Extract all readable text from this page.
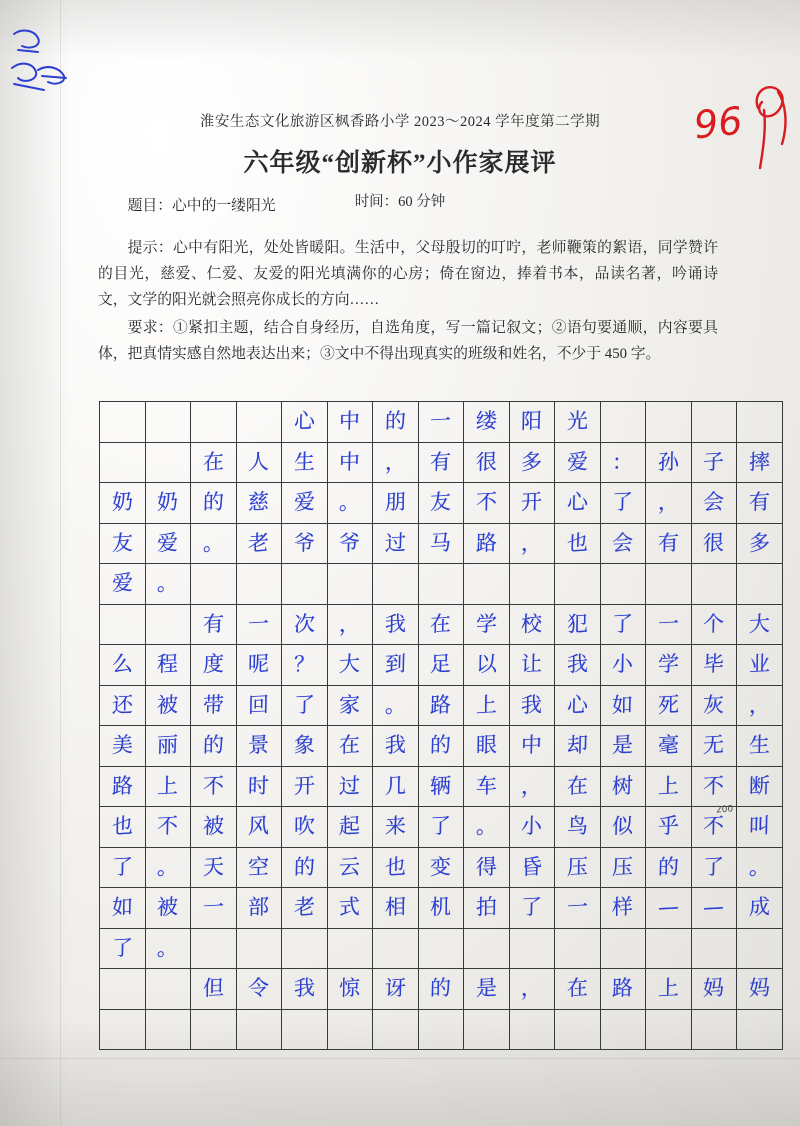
96
淮安生态文化旅游区枫香路小学 2023～2024 学年度第二学期
六年级“创新杯”小作家展评
时间：60 分钟
题目：心中的一缕阳光
提示：心中有阳光，处处皆暖阳。生活中，父母殷切的叮咛，老师鞭策的絮语，同学赞许的目光，慈爱、仁爱、友爱的阳光填满你的心房；倚在窗边，捧着书本，品读名著，吟诵诗文，文学的阳光就会照亮你成长的方向……
要求：①紧扣主题，结合自身经历，自选角度，写一篇记叙文；②语句要通顺，内容要具体，把真情实感自然地表达出来；③文中不得出现真实的班级和姓名，不少于 450 字。
				心	中	的	一	缕	阳	光				
		在	人	生	中	，	有	很	多	爱	：	孙	子	摔
奶	奶	的	慈	爱	。	朋	友	不	开	心	了	，	会	有
友	爱	。	老	爷	爷	过	马	路	，	也	会	有	很	多
爱	。													
		有	一	次	，	我	在	学	校	犯	了	一	个	大
么	程	度	呢	？	大	到	足	以	让	我	小	学	毕	业
还	被	带	回	了	家	。	路	上	我	心	如	死	灰	，
美	丽	的	景	象	在	我	的	眼	中	却	是	毫	无	生
路	上	不	时	开	过	几	辆	车	，	在	树	上	不	断
也	不	被	风	吹	起	来	了	。	小	鸟	似	乎	不	叫
了	。	天	空	的	云	也	变	得	昏	压	压	的	了	。
如	被	一	部	老	式	相	机	拍	了	一	样	—	—	成
了	。													
		但	令	我	惊	讶	的	是	，	在	路	上	妈	妈

200
